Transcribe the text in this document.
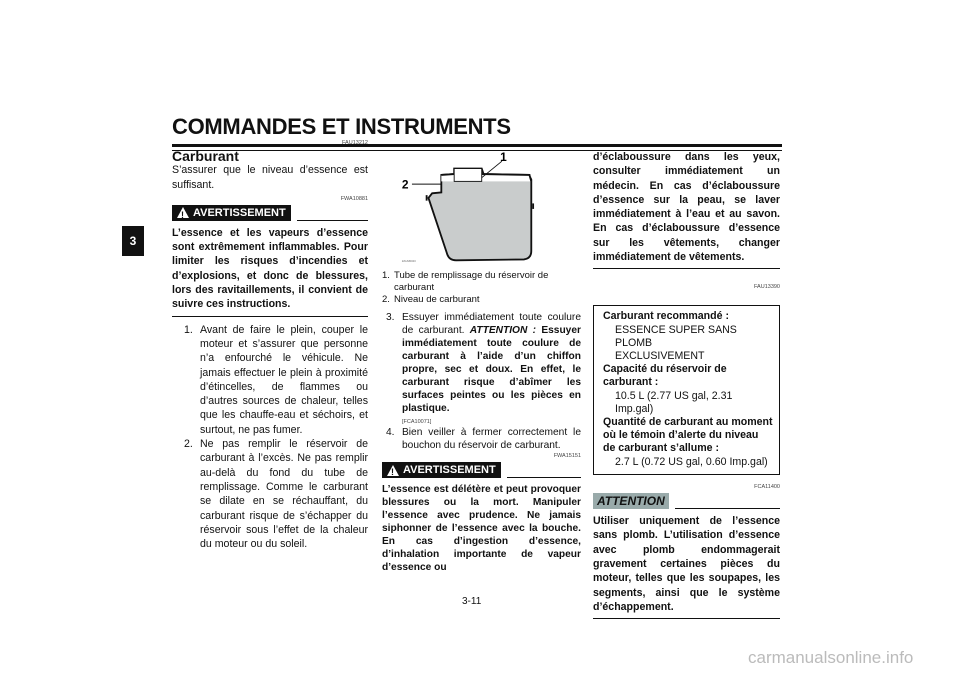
COMMANDES ET INSTRUMENTS
3
FAU13212
Carburant
S’assurer que le niveau d’essence est suffisant.
FWA10881
!
AVERTISSEMENT
L’essence et les vapeurs d’essence sont extrêmement inflammables. Pour limiter les risques d’incendies et d’explosions, et donc de blessures, lors des ravitaillements, il convient de suivre ces instructions.
1. Avant de faire le plein, couper le moteur et s’assurer que personne n’a enfourché le véhicule. Ne jamais effectuer le plein à proximité d’étincelles, de flammes ou d’autres sources de chaleur, telles que les chauffe-eau et séchoirs, et surtout, ne pas fumer.
2. Ne pas remplir le réservoir de carburant à l’excès. Ne pas remplir au-delà du fond du tube de remplissage. Comme le carburant se dilate en se réchauffant, du carburant risque de s’échapper du réservoir sous l’effet de la chaleur du moteur ou du soleil.
1
2
ZAUM0020
1. Tube de remplissage du réservoir de carburant
2. Niveau de carburant
3. Essuyer immédiatement toute coulure de carburant. ATTENTION : Essuyer immédiatement toute coulure de carburant à l’aide d’un chiffon propre, sec et doux. En effet, le carburant risque d’abîmer les surfaces peintes ou les pièces en plastique.
[FCA10071]
4. Bien veiller à fermer correctement le bouchon du réservoir de carburant.
FWA15151
!
AVERTISSEMENT
L’essence est délétère et peut provoquer blessures ou la mort. Manipuler l’essence avec prudence. Ne jamais siphonner de l’essence avec la bouche. En cas d’ingestion d’essence, d’inhalation importante de vapeur d’essence ou
d’éclaboussure dans les yeux, consulter immédiatement un médecin. En cas d’éclaboussure d’essence sur la peau, se laver immédiatement à l’eau et au savon. En cas d’éclaboussure d’essence sur les vêtements, changer immédiatement de vêtements.
FAU13390
Carburant recommandé :
ESSENCE SUPER SANS PLOMB
EXCLUSIVEMENT
Capacité du réservoir de carburant :
10.5 L (2.77 US gal, 2.31 Imp.gal)
Quantité de carburant au moment où le témoin d’alerte du niveau de carburant s’allume :
2.7 L (0.72 US gal, 0.60 Imp.gal)
FCA11400
ATTENTION
Utiliser uniquement de l’essence sans plomb. L’utilisation d’essence avec plomb endommagerait gravement certaines pièces du moteur, telles que les soupapes, les segments, ainsi que le système d’échappement.
3-11
carmanualsonline.info
